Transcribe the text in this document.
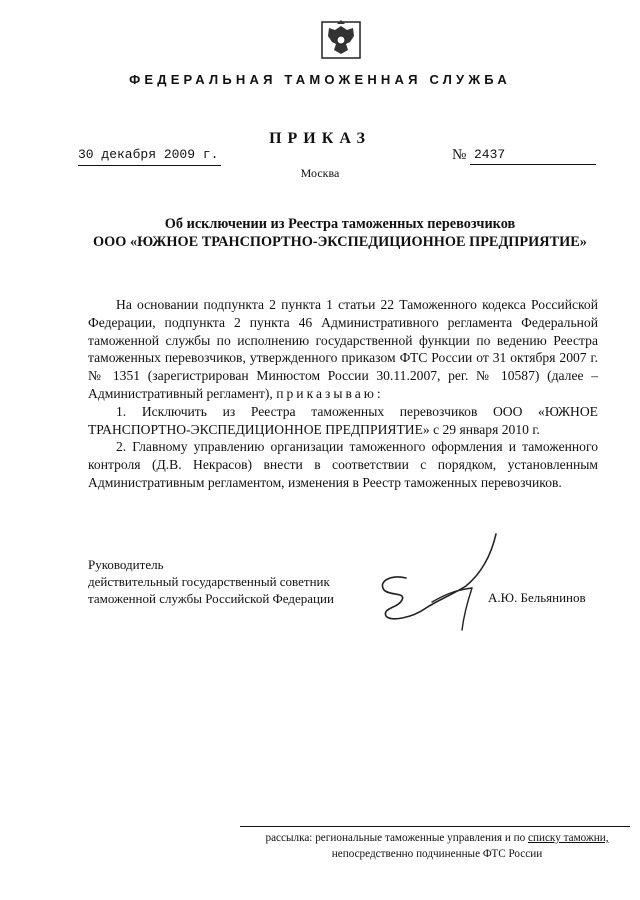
ФЕДЕРАЛЬНАЯ ТАМОЖЕННАЯ СЛУЖБА
ПРИКАЗ
30 декабря 2009 г.	№ 2437
Москва
Об исключении из Реестра таможенных перевозчиков
ООО «ЮЖНОЕ ТРАНСПОРТНО-ЭКСПЕДИЦИОННОЕ ПРЕДПРИЯТИЕ»

На основании подпункта 2 пункта 1 статьи 22 Таможенного кодекса Российской Федерации, подпункта 2 пункта 46 Административного регламента Федеральной таможенной службы по исполнению государственной функции по ведению Реестра таможенных перевозчиков, утвержденного приказом ФТС России от 31 октября 2007 г. № 1351 (зарегистрирован Минюстом России 30.11.2007, рег. № 10587) (далее – Административный регламент), приказываю:

1. Исключить из Реестра таможенных перевозчиков ООО «ЮЖНОЕ ТРАНСПОРТНО-ЭКСПЕДИЦИОННОЕ ПРЕДПРИЯТИЕ» с 29 января 2010 г.

2. Главному управлению организации таможенного оформления и таможенного контроля (Д.В. Некрасов) внести в соответствии с порядком, установленным Административным регламентом, изменения в Реестр таможенных перевозчиков.

Руководитель
действительный государственный советник
таможенной службы Российской Федерации	А.Ю. Бельянинов
рассылка: региональные таможенные управления и по списку таможни,
непосредственно подчиненные ФТС России
